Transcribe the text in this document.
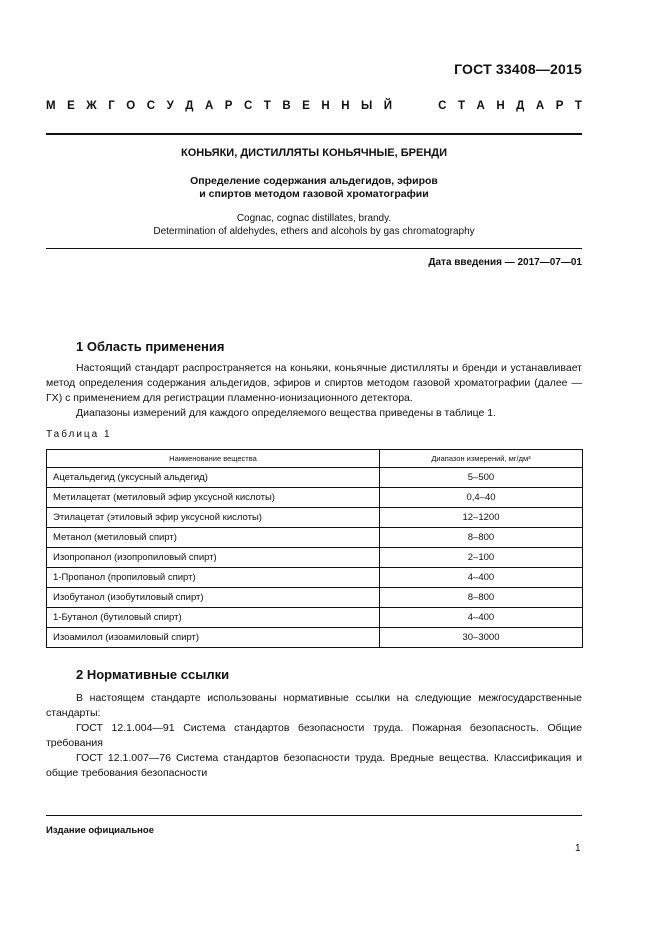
ГОСТ 33408—2015
М Е Ж Г О С У Д А Р С Т В Е Н Н Ы Й	С Т А Н Д А Р Т
КОНЬЯКИ, ДИСТИЛЛЯТЫ КОНЬЯЧНЫЕ, БРЕНДИ
Определение содержания альдегидов, эфиров
и спиртов методом газовой хроматографии
Cognac, cognac distillates, brandy.
Determination of aldehydes, ethers and alcohols by gas chromatography
Дата введения — 2017—07—01
1 Область применения

Настоящий стандарт распространяется на коньяки, коньячные дистилляты и бренди и устанавливает метод определения содержания альдегидов, эфиров и спиртов методом газовой хроматографии (далее — ГХ) с применением для регистрации пламенно-ионизационного детектора.

Диапазоны измерений для каждого определяемого вещества приведены в таблице 1.

Таблица 1
Наименование вещества	Диапазон измерений, мг/дм³
Ацетальдегид (уксусный альдегид)	5–500
Метилацетат (метиловый эфир уксусной кислоты)	0,4–40
Этилацетат (этиловый эфир уксусной кислоты)	12–1200
Метанол (метиловый спирт)	8–800
Изопропанол (изопропиловый спирт)	2–100
1-Пропанол (пропиловый спирт)	4–400
Изобутанол (изобутиловый спирт)	8–800
1-Бутанол (бутиловый спирт)	4–400
Изоамилол (изоамиловый спирт)	30–3000
2 Нормативные ссылки

В настоящем стандарте использованы нормативные ссылки на следующие межгосударственные стандарты:

ГОСТ 12.1.004—91 Система стандартов безопасности труда. Пожарная безопасность. Общие требования

ГОСТ 12.1.007—76 Система стандартов безопасности труда. Вредные вещества. Классификация и общие требования безопасности

Издание официальное
1
